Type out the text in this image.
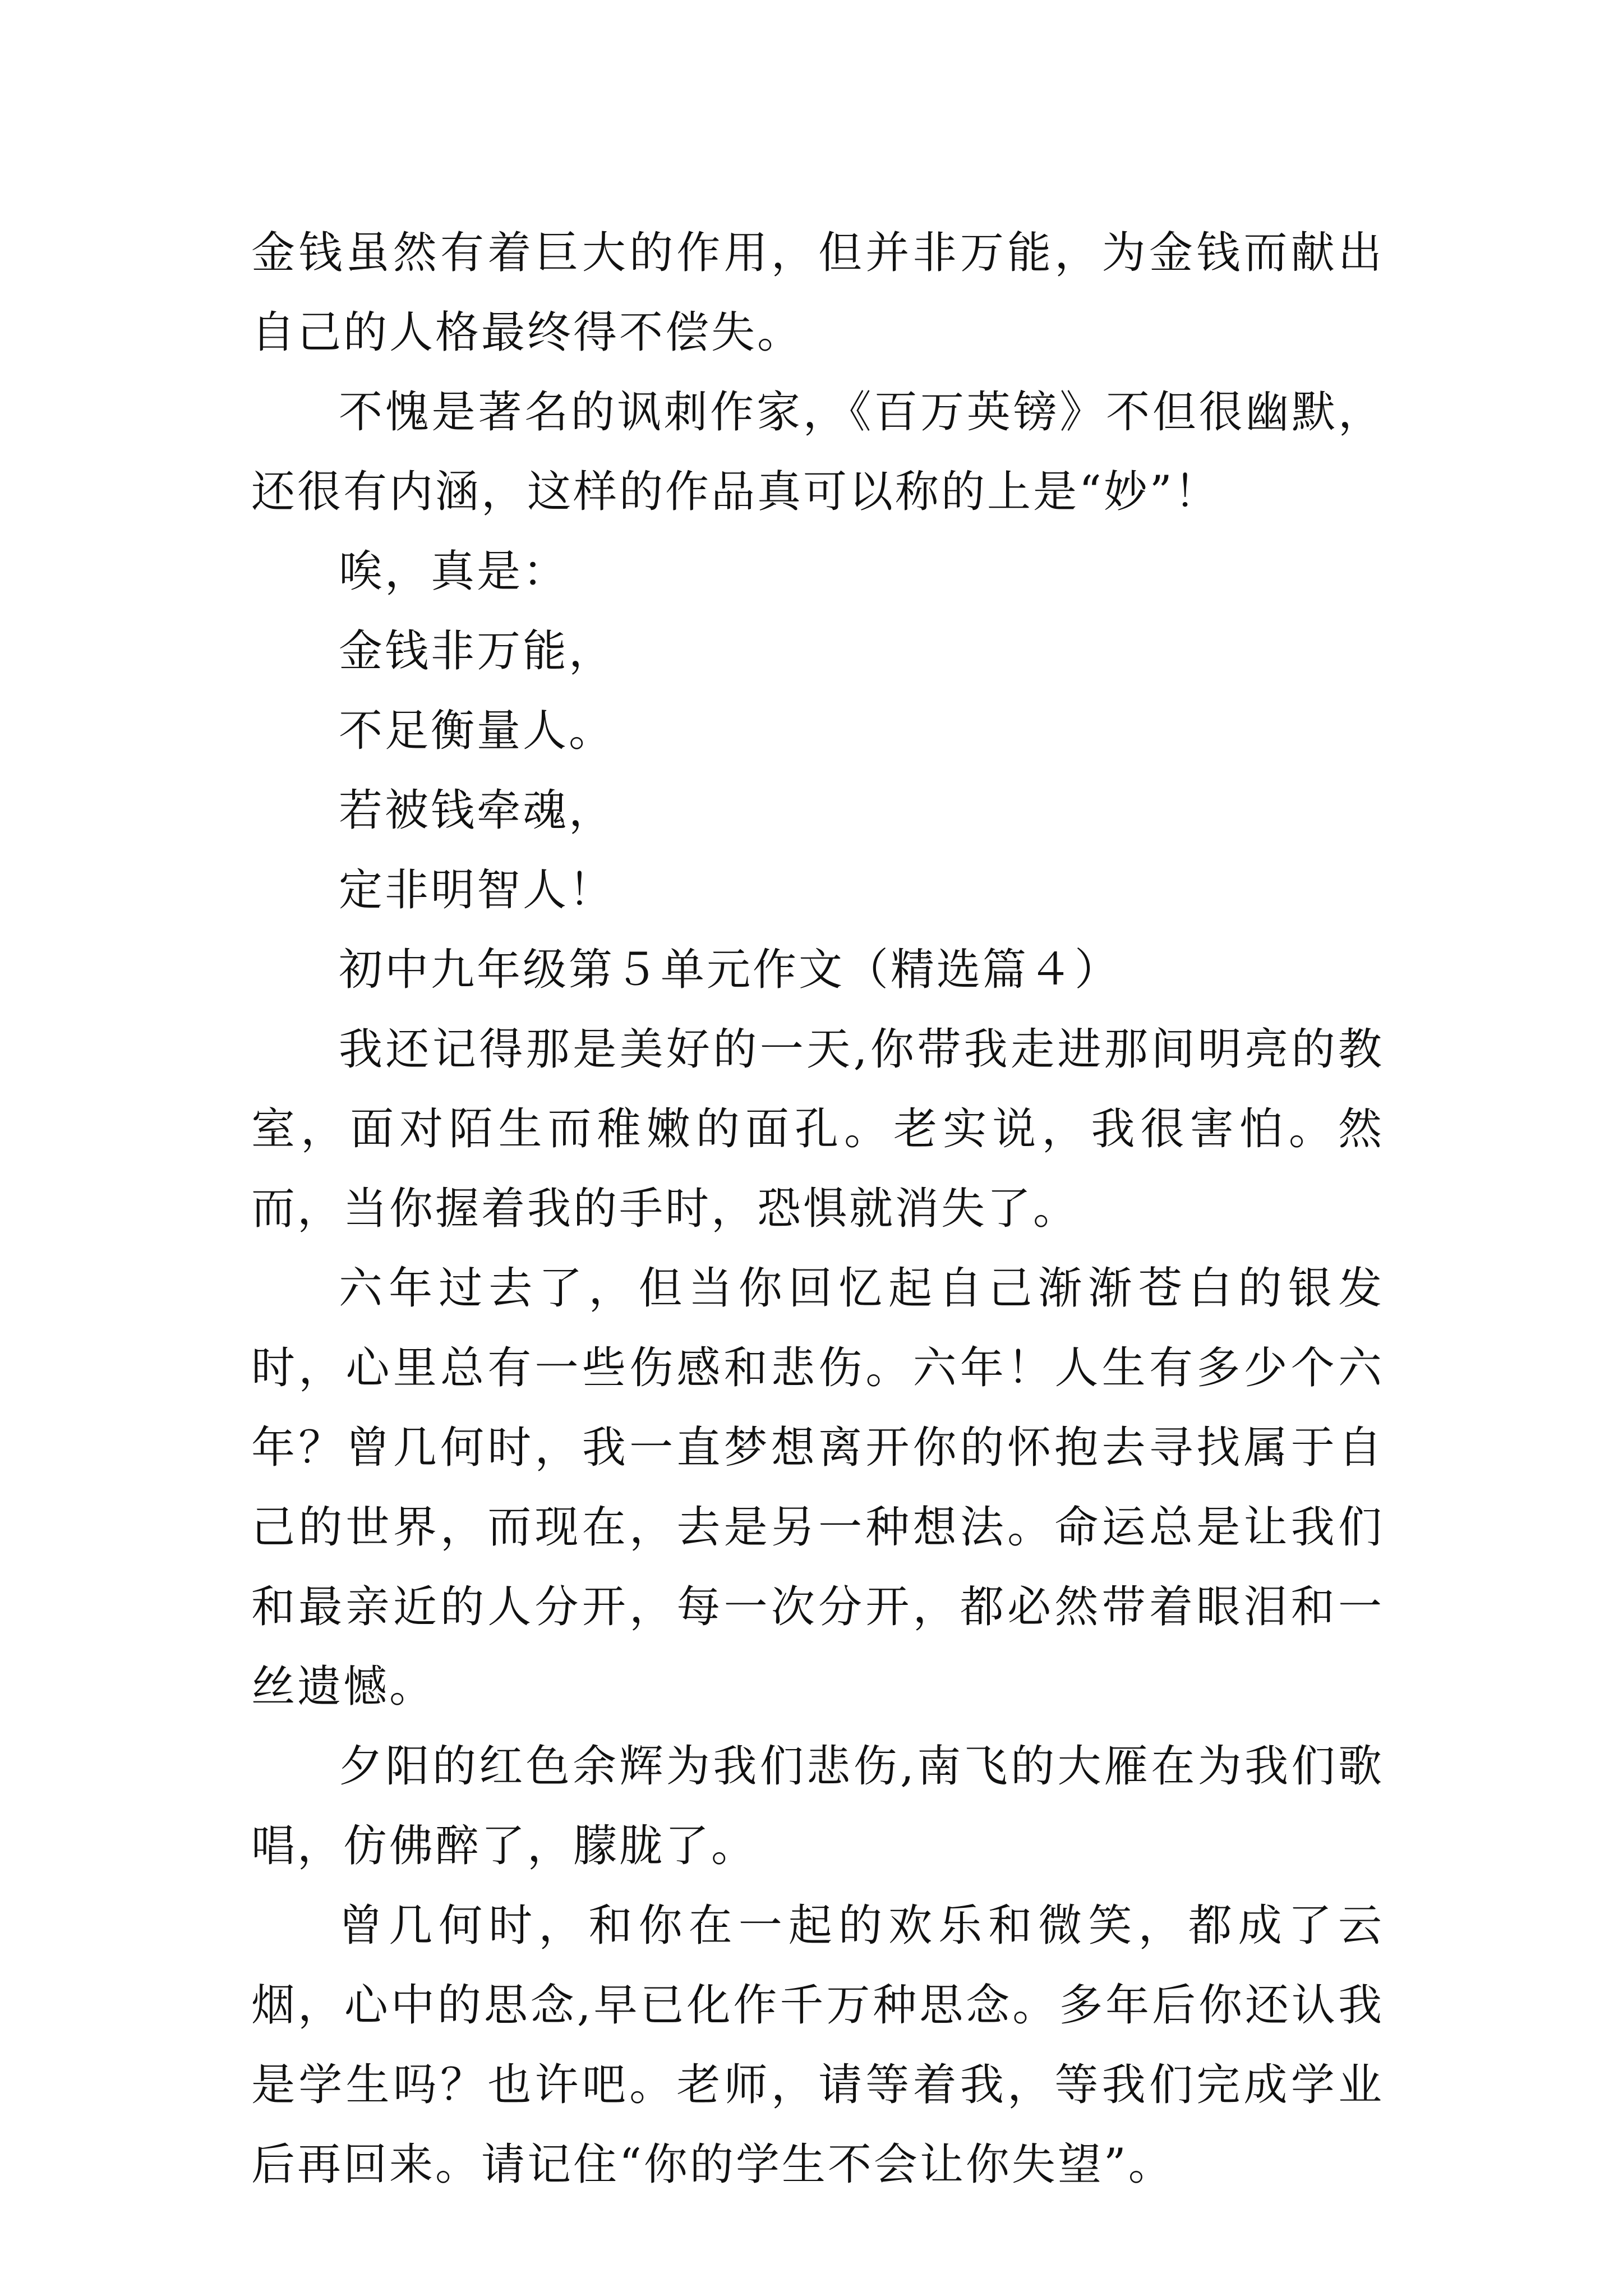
金钱虽然有着巨大的作用，但并非万能，为金钱而献出自己的人格最终得不偿失。

不愧是著名的讽刺作家，《百万英镑》不但很幽默，还很有内涵，这样的作品真可以称的上是“妙”！

唉，真是：

金钱非万能，

不足衡量人。

若被钱牵魂，

定非明智人！

初中九年级第５单元作文（精选篇４）

我还记得那是美好的一天,你带我走进那间明亮的教室，面对陌生而稚嫩的面孔。老实说，我很害怕。然而，当你握着我的手时，恐惧就消失了。

六年过去了，但当你回忆起自己渐渐苍白的银发时，心里总有一些伤感和悲伤。六年！人生有多少个六年？曾几何时，我一直梦想离开你的怀抱去寻找属于自己的世界，而现在，去是另一种想法。命运总是让我们和最亲近的人分开，每一次分开，都必然带着眼泪和一丝遗憾。

夕阳的红色余辉为我们悲伤,南飞的大雁在为我们歌唱，仿佛醉了，朦胧了。

曾几何时，和你在一起的欢乐和微笑，都成了云烟，心中的思念,早已化作千万种思念。多年后你还认我是学生吗？也许吧。老师，请等着我，等我们完成学业后再回来。请记住“你的学生不会让你失望”。
